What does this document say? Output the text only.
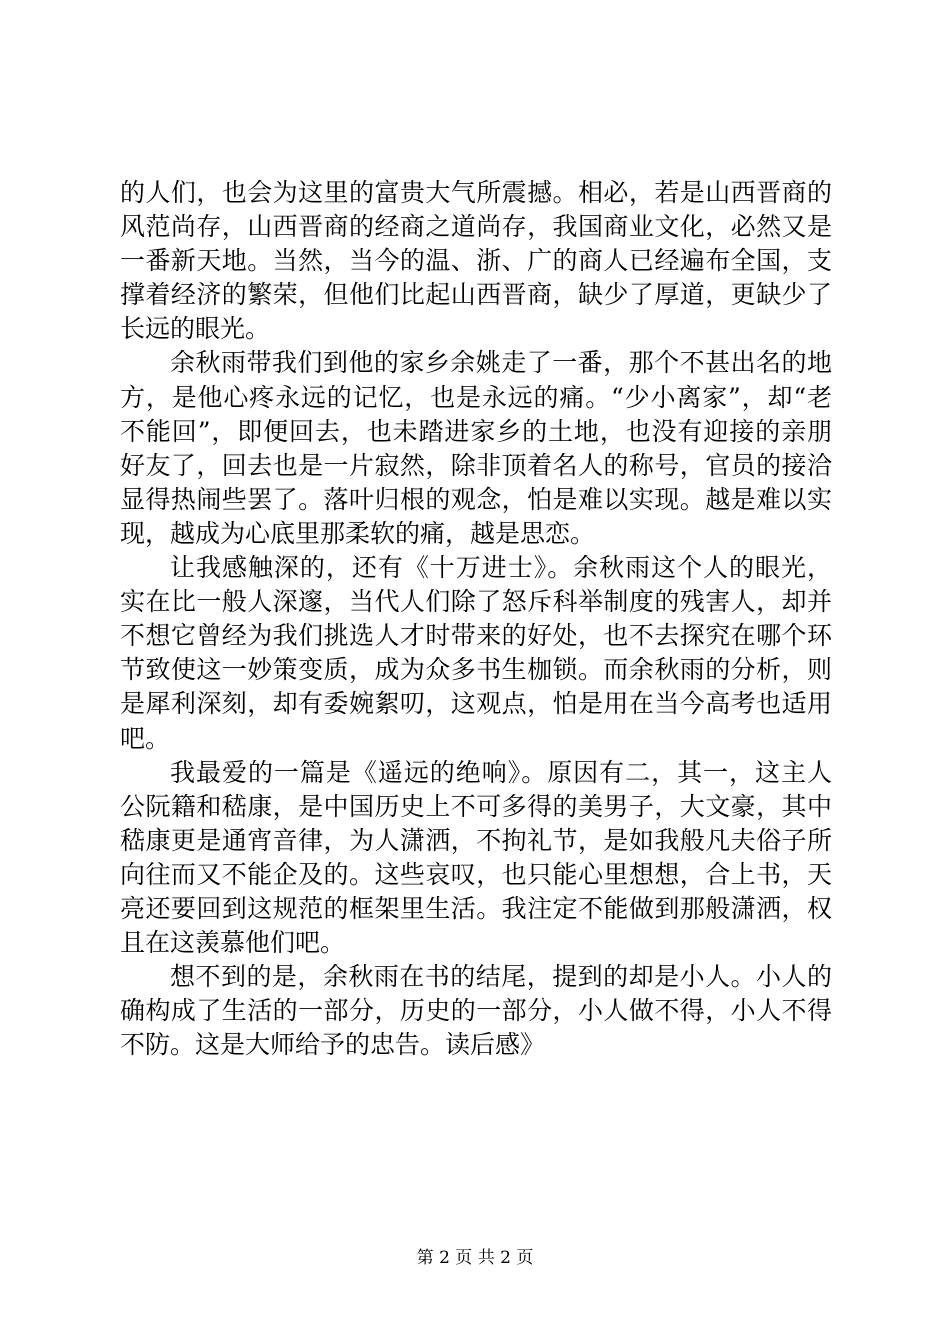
的人们，也会为这里的富贵大气所震撼。相必，若是山西晋商的风范尚存，山西晋商的经商之道尚存，我国商业文化，必然又是一番新天地。当然，当今的温、浙、广的商人已经遍布全国，支撑着经济的繁荣，但他们比起山西晋商，缺少了厚道，更缺少了长远的眼光。

余秋雨带我们到他的家乡余姚走了一番，那个不甚出名的地方，是他心疼永远的记忆，也是永远的痛。“少小离家”，却“老不能回”，即便回去，也未踏进家乡的土地，也没有迎接的亲朋好友了，回去也是一片寂然，除非顶着名人的称号，官员的接洽显得热闹些罢了。落叶归根的观念，怕是难以实现。越是难以实现，越成为心底里那柔软的痛，越是思恋。

让我感触深的，还有《十万进士》。余秋雨这个人的眼光，实在比一般人深邃，当代人们除了怒斥科举制度的残害人，却并不想它曾经为我们挑选人才时带来的好处，也不去探究在哪个环节致使这一妙策变质，成为众多书生枷锁。而余秋雨的分析，则是犀利深刻，却有委婉絮叨，这观点，怕是用在当今高考也适用吧。

我最爱的一篇是《遥远的绝响》。原因有二，其一，这主人公阮籍和嵇康，是中国历史上不可多得的美男子，大文豪，其中嵇康更是通宵音律，为人潇洒，不拘礼节，是如我般凡夫俗子所向往而又不能企及的。这些哀叹，也只能心里想想，合上书，天亮还要回到这规范的框架里生活。我注定不能做到那般潇洒，权且在这羡慕他们吧。

想不到的是，余秋雨在书的结尾，提到的却是小人。小人的确构成了生活的一部分，历史的一部分，小人做不得，小人不得不防。这是大师给予的忠告。读后感》

第 2 页 共 2 页
